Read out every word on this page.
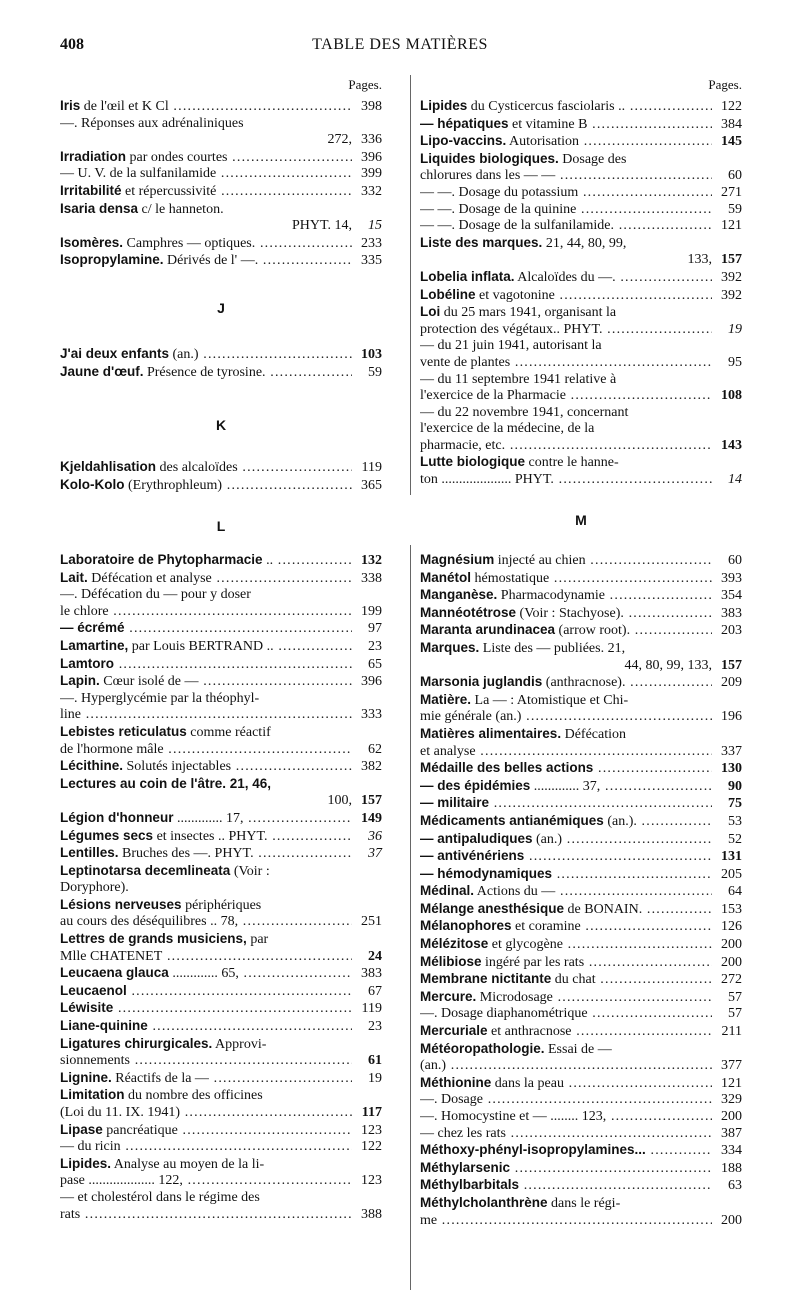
408	TABLE DES MATIÈRES
Pages.
Iris de l'œil et K Cl .....	398
—. Réponses aux adrénaliniques
272, 336
Irradiation par ondes courtes .....	396
— U. V. de la sulfanilamide .....	399
Irritabilité et répercussivité .....	332
Isaria densa c/ le hanneton.
PHYT. 14,	15
Isomères. Camphres — optiques. .....	233
Isopropylamine. Dérivés de l' —. .....	335
J
J'ai deux enfants (an.) .....	103
Jaune d'œuf. Présence de tyrosine. .....	59
K
Kjeldahlisation des alcaloïdes .....	119
Kolo-Kolo (Erythrophleum) .....	365
Pages.
Lipides du Cysticercus fasciolaris .. .....	122
— hépatiques et vitamine B .....	384
Lipo-vaccins. Autorisation .....	145
Liquides biologiques. Dosage des
chlorures dans les — — .....	60
— —. Dosage du potassium .....	271
— —. Dosage de la quinine .....	59
— —. Dosage de la sulfanilamide. .....	121
Liste des marques. 21, 44, 80, 99,
133, 157
Lobelia inflata. Alcaloïdes du —. .....	392
Lobéline et vagotonine .....	392
Loi du 25 mars 1941, organisant la
protection des végétaux.. PHYT. .....	19
— du 21 juin 1941, autorisant la
vente de plantes .....	95
— du 11 septembre 1941 relative à
l'exercice de la Pharmacie .....	108
— du 22 novembre 1941, concernant
l'exercice de la médecine, de la
pharmacie, etc. .....	143
Lutte biologique contre le hanne-
ton .................... PHYT. .....	14
L	M
Laboratoire de Phytopharmacie .. .....	132
Lait. Défécation et analyse .....	338
—. Défécation du — pour y doser
le chlore .....	199
— écrémé .....	97
Lamartine, par Louis BERTRAND .. .....	23
Lamtoro .....	65
Lapin. Cœur isolé de — .....	396
—. Hyperglycémie par la théophyl-
line .....	333
Lebistes reticulatus comme réactif
de l'hormone mâle .....	62
Lécithine. Solutés injectables .....	382
Lectures au coin de l'âtre. 21, 46,
100, 157
Légion d'honneur ............. 17, .....	149
Légumes secs et insectes .. PHYT. .....	36
Lentilles. Bruches des —. PHYT. .....	37
Leptinotarsa decemlineata (Voir :
Doryphore).
Lésions nerveuses périphériques
au cours des déséquilibres .. 78, .....	251
Lettres de grands musiciens, par
Mlle CHATENET .....	24
Leucaena glauca ............. 65, .....	383
Leucaenol .....	67
Léwisite .....	119
Liane-quinine .....	23
Ligatures chirurgicales. Approvi-
sionnements .....	61
Lignine. Réactifs de la — .....	19
Limitation du nombre des officines
(Loi du 11. IX. 1941) .....	117
Lipase pancréatique .....	123
— du ricin .....	122
Lipides. Analyse au moyen de la li-
pase ................... 122, .....	123
— et cholestérol dans le régime des
rats .....	388
Magnésium injecté au chien .....	60
Manétol hémostatique .....	393
Manganèse. Pharmacodynamie .....	354
Mannéotétrose (Voir : Stachyose). .....	383
Maranta arundinacea (arrow root). .....	203
Marques. Liste des — publiées. 21,
44, 80, 99, 133, 157
Marsonia juglandis (anthracnose). .....	209
Matière. La — : Atomistique et Chi-
mie générale (an.) .....	196
Matières alimentaires. Défécation
et analyse .....	337
Médaille des belles actions .....	130
— des épidémies ............. 37, .....	90
— militaire .....	75
Médicaments antianémiques (an.). .....	53
— antipaludiques (an.) .....	52
— antivénériens .....	131
— hémodynamiques .....	205
Médinal. Actions du — .....	64
Mélange anesthésique de BONAIN. .....	153
Mélanophores et coramine .....	126
Mélézitose et glycogène .....	200
Mélibiose ingéré par les rats .....	200
Membrane nictitante du chat .....	272
Mercure. Microdosage .....	57
—. Dosage diaphanométrique .....	57
Mercuriale et anthracnose .....	211
Météoropathologie. Essai de —
(an.) .....	377
Méthionine dans la peau .....	121
—. Dosage .....	329
—. Homocystine et — ........ 123, .....	200
— chez les rats .....	387
Méthoxy-phényl-isopropylamines... .....	334
Méthylarsenic .....	188
Méthylbarbitals .....	63
Méthylcholanthrène dans le régi-
me .....	200
